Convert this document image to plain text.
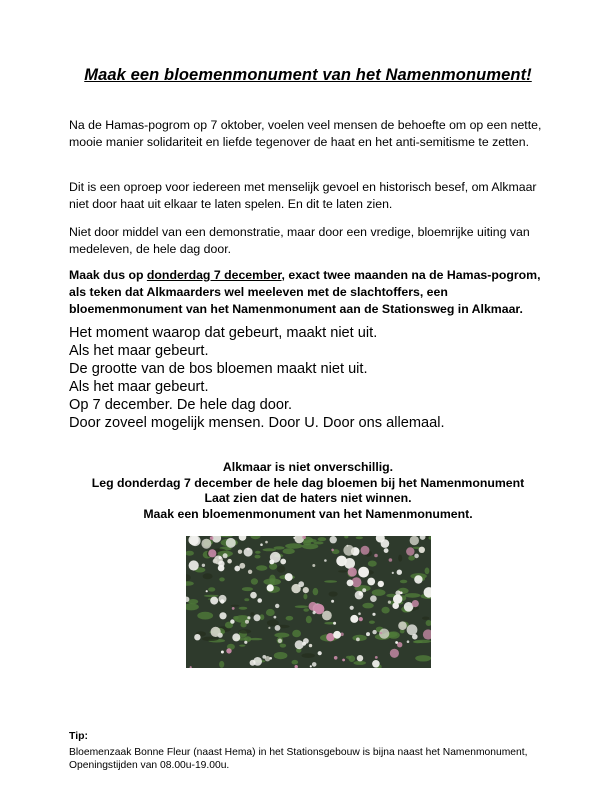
Maak een bloemenmonument van het Namenmonument!

Na de Hamas-pogrom op 7 oktober, voelen veel mensen de behoefte om op een nette, mooie manier solidariteit en liefde tegenover de haat en het anti-semitisme te zetten.

Dit is een oproep voor iedereen met menselijk gevoel en historisch besef, om Alkmaar niet door haat uit elkaar te laten spelen. En dit te laten zien.

Niet door middel van een demonstratie, maar door een vredige, bloemrijke uiting van medeleven, de hele dag door.

Maak dus op donderdag 7 december, exact twee maanden na de Hamas-pogrom, als teken dat Alkmaarders wel meeleven met de slachtoffers, een bloemenmonument van het Namenmonument aan de Stationsweg in Alkmaar.

Het moment waarop dat gebeurt, maakt niet uit.
Als het maar gebeurt.
De grootte van de bos bloemen maakt niet uit.
Als het maar gebeurt.
Op 7 december. De hele dag door.
Door zoveel mogelijk mensen. Door U. Door ons allemaal.
Alkmaar is niet onverschillig.
Leg donderdag 7 december de hele dag bloemen bij het Namenmonument
Laat zien dat de haters niet winnen.
Maak een bloemenmonument van het Namenmonument.
Tip:
Bloemenzaak Bonne Fleur (naast Hema) in het Stationsgebouw is bijna naast het Namenmonument,
Openingstijden van 08.00u-19.00u.
